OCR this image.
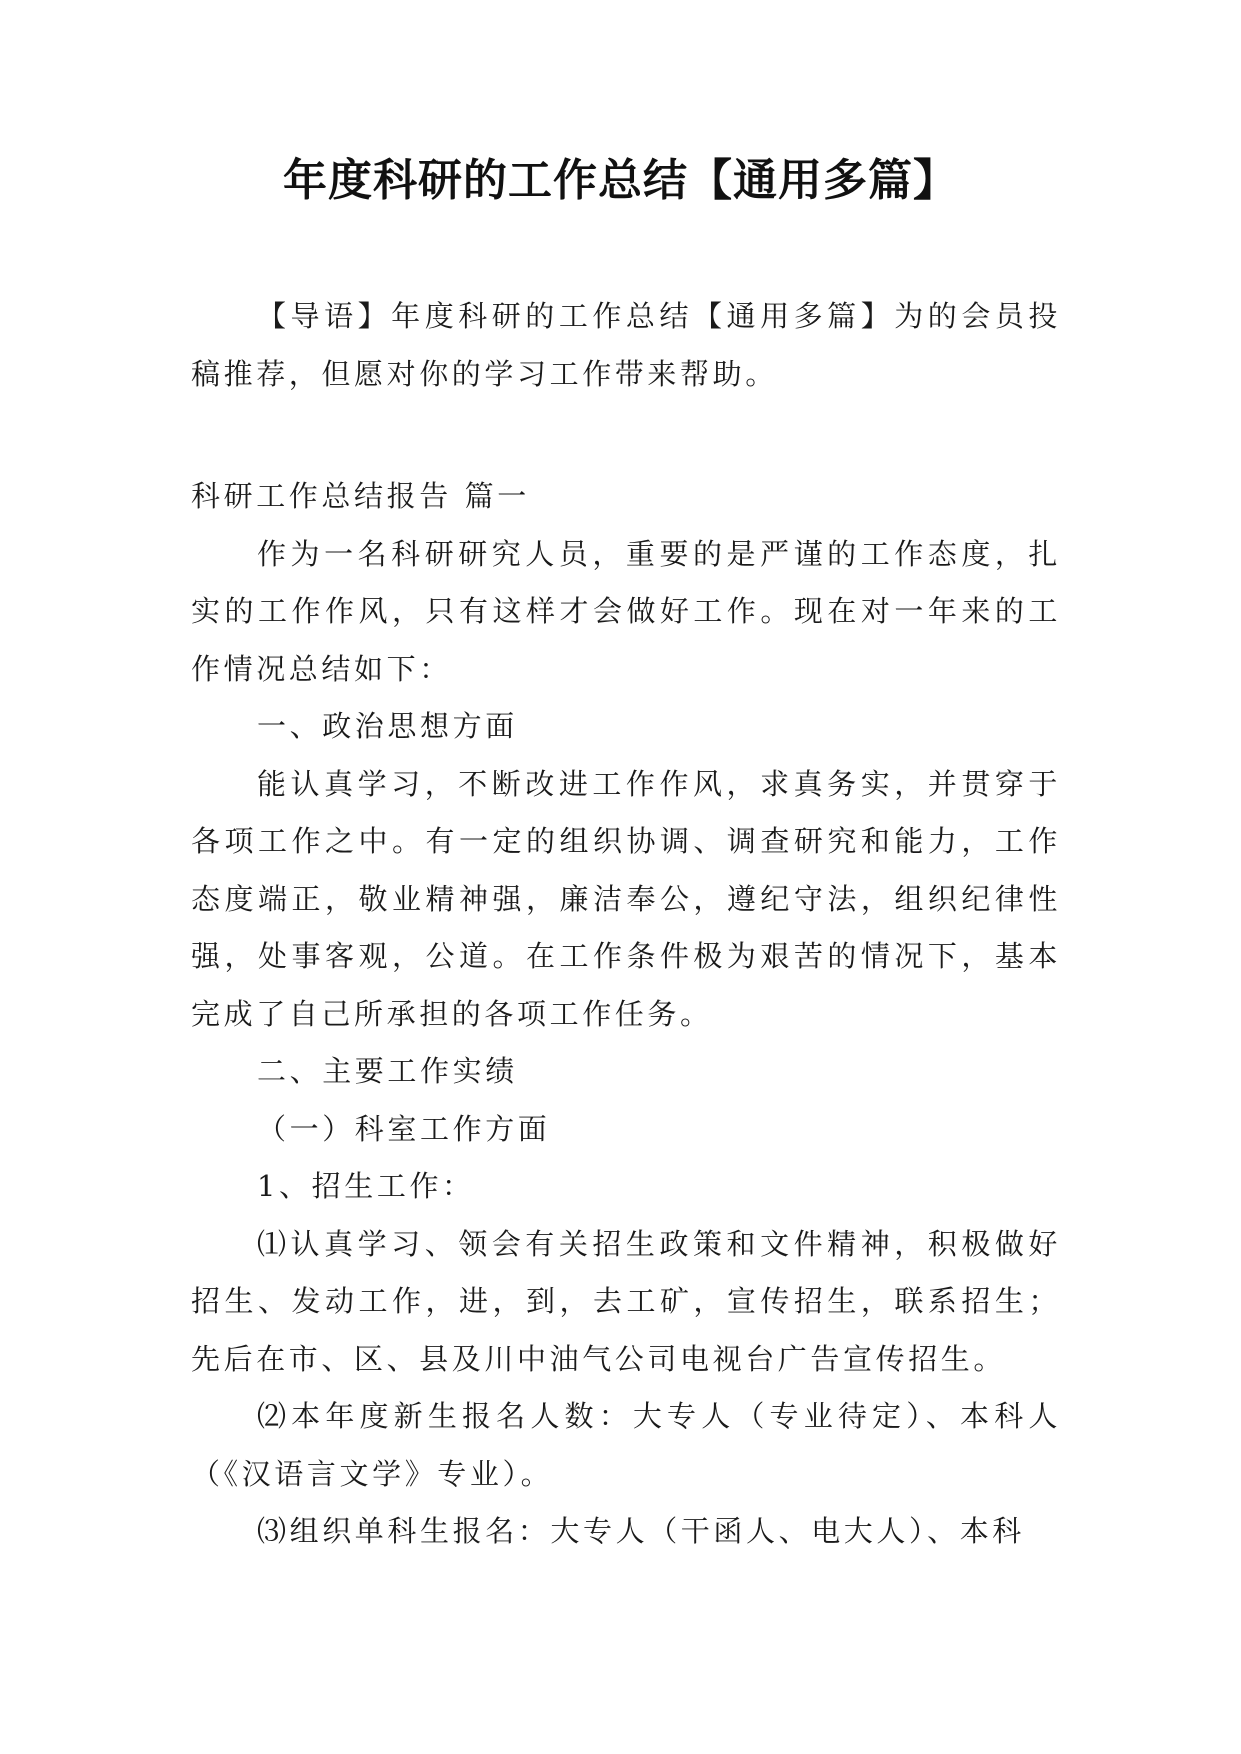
年度科研的工作总结【通用多篇】

【导语】年度科研的工作总结【通用多篇】为的会员投稿推荐，但愿对你的学习工作带来帮助。

科研工作总结报告 篇一

作为一名科研研究人员，重要的是严谨的工作态度，扎实的工作作风，只有这样才会做好工作。现在对一年来的工作情况总结如下：

一、政治思想方面

能认真学习，不断改进工作作风，求真务实，并贯穿于各项工作之中。有一定的组织协调、调查研究和能力，工作态度端正，敬业精神强，廉洁奉公，遵纪守法，组织纪律性强，处事客观，公道。在工作条件极为艰苦的情况下，基本完成了自己所承担的各项工作任务。

二、主要工作实绩

（一）科室工作方面

1、招生工作：

⑴认真学习、领会有关招生政策和文件精神，积极做好招生、发动工作，进，到，去工矿，宣传招生，联系招生；先后在市、区、县及川中油气公司电视台广告宣传招生。

⑵本年度新生报名人数：大专人（专业待定）、本科人（《汉语言文学》专业）。

⑶组织单科生报名：大专人（干函人、电大人）、本科
